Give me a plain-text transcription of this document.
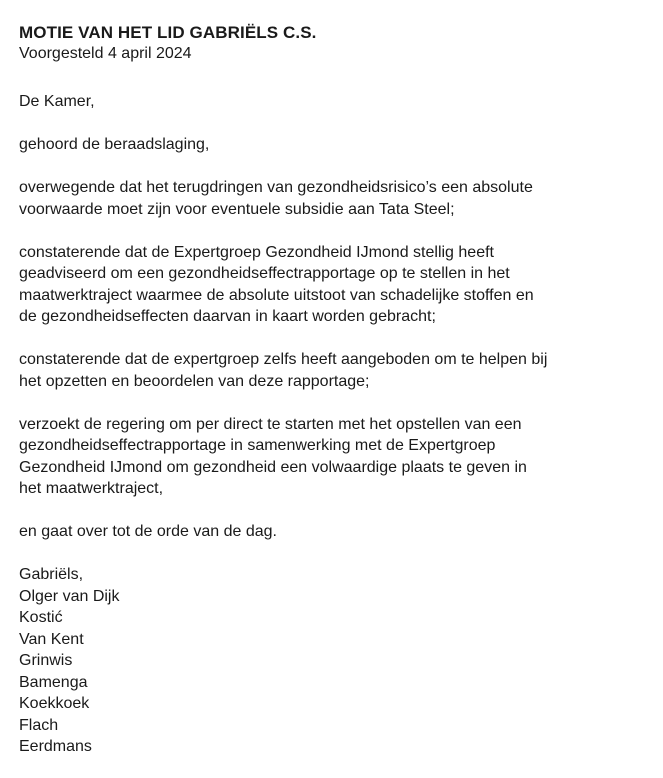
MOTIE VAN HET LID GABRIËLS C.S.

Voorgesteld 4 april 2024

De Kamer,

gehoord de beraadslaging,

overwegende dat het terugdringen van gezondheidsrisico’s een absolute
voorwaarde moet zijn voor eventuele subsidie aan Tata Steel;

constaterende dat de Expertgroep Gezondheid IJmond stellig heeft
geadviseerd om een gezondheidseffectrapportage op te stellen in het
maatwerktraject waarmee de absolute uitstoot van schadelijke stoffen en
de gezondheidseffecten daarvan in kaart worden gebracht;

constaterende dat de expertgroep zelfs heeft aangeboden om te helpen bij
het opzetten en beoordelen van deze rapportage;

verzoekt de regering om per direct te starten met het opstellen van een
gezondheidseffectrapportage in samenwerking met de Expertgroep
Gezondheid IJmond om gezondheid een volwaardige plaats te geven in
het maatwerktraject,

en gaat over tot de orde van de dag.

Gabriëls,
Olger van Dijk
Kostić
Van Kent
Grinwis
Bamenga
Koekkoek
Flach
Eerdmans
